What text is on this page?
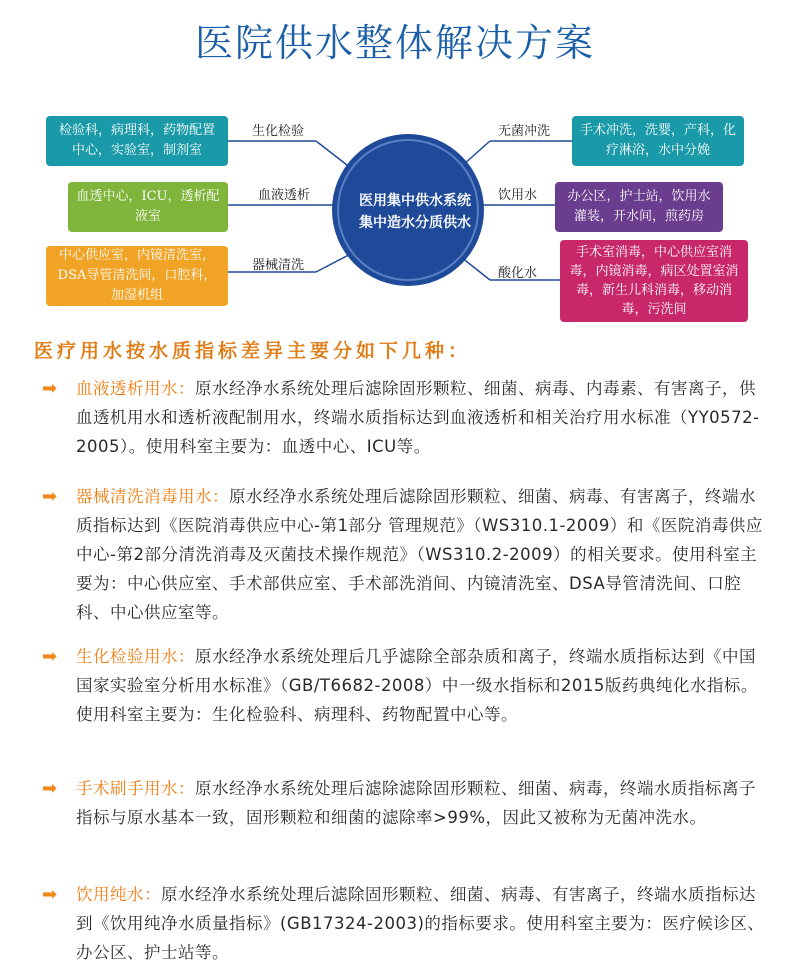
医院供水整体解决方案
医用集中供水系统
集中造水分质供水
检验科，病理科，药物配置中心，实验室，制剂室
生化检验
血透中心，ICU，透析配液室
血液透析
中心供应室，内镜清洗室，DSA导管清洗间，口腔科，加湿机组
器械清洗
无菌冲洗	手术冲洗，洗婴，产科，化疗淋浴，水中分娩
饮用水	办公区，护士站，饮用水灌装，开水间，煎药房
酸化水
手术室消毒，中心供应室消毒，内镜消毒，病区处置室消毒，新生儿科消毒，移动消毒，污洗间
医疗用水按水质指标差异主要分如下几种：
➡ 血液透析用水：原水经净水系统处理后滤除固形颗粒、细菌、病毒、内毒素、有害离子，供血透机用水和透析液配制用水，终端水质指标达到血液透析和相关治疗用水标准（YY0572-2005）。使用科室主要为：血透中心、ICU等。
➡ 器械清洗消毒用水：原水经净水系统处理后滤除固形颗粒、细菌、病毒、有害离子，终端水质指标达到《医院消毒供应中心-第1部分 管理规范》（WS310.1-2009）和《医院消毒供应中心-第2部分清洗消毒及灭菌技术操作规范》（WS310.2-2009）的相关要求。使用科室主要为：中心供应室、手术部供应室、手术部洗消间、内镜清洗室、DSA导管清洗间、口腔科、中心供应室等。
➡ 生化检验用水：原水经净水系统处理后几乎滤除全部杂质和离子，终端水质指标达到《中国国家实验室分析用水标准》（GB/T6682-2008）中一级水指标和2015版药典纯化水指标。使用科室主要为：生化检验科、病理科、药物配置中心等。
➡ 手术刷手用水：原水经净水系统处理后滤除滤除固形颗粒、细菌、病毒，终端水质指标离子指标与原水基本一致，固形颗粒和细菌的滤除率>99%，因此又被称为无菌冲洗水。
➡ 饮用纯水：原水经净水系统处理后滤除固形颗粒、细菌、病毒、有害离子，终端水质指标达到《饮用纯净水质量指标》(GB17324-2003)的指标要求。使用科室主要为：医疗候诊区、办公区、护士站等。
